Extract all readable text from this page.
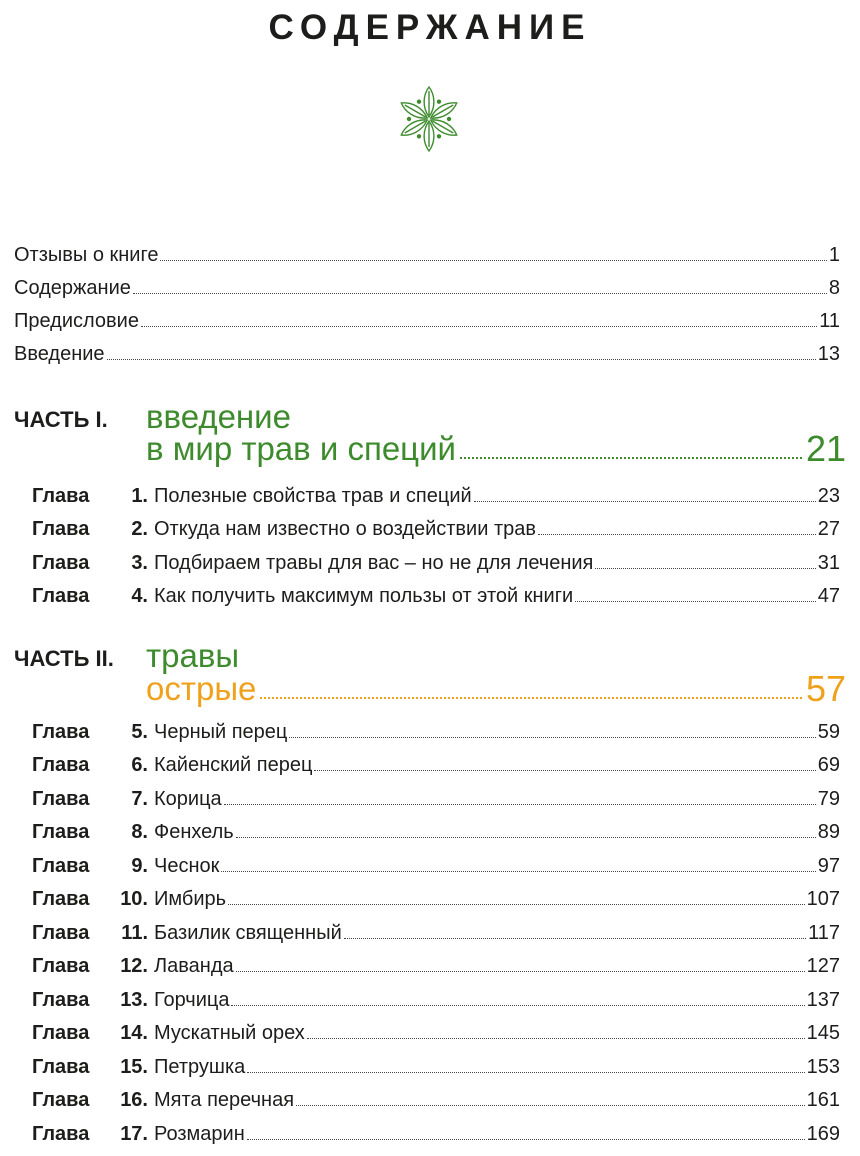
СОДЕРЖАНИЕ
Отзывы о книге	1
Содержание	8
Предисловие	11
Введение	13
ЧАСТЬ I. введение
в мир трав и специй	21
Глава	1. Полезные свойства трав и специй	23
Глава	2. Откуда нам известно о воздействии трав	27
Глава	3. Подбираем травы для вас – но не для лечения	31
Глава	4. Как получить максимум пользы от этой книги	47
ЧАСТЬ II. травы
острые	57
Глава	5. Черный перец	59
Глава	6. Кайенский перец	69
Глава	7. Корица	79
Глава	8. Фенхель	89
Глава	9. Чеснок	97
Глава	10. Имбирь	107
Глава	11. Базилик священный	117
Глава	12. Лаванда	127
Глава	13. Горчица	137
Глава	14. Мускатный орех	145
Глава	15. Петрушка	153
Глава	16. Мята перечная	161
Глава	17. Розмарин	169
